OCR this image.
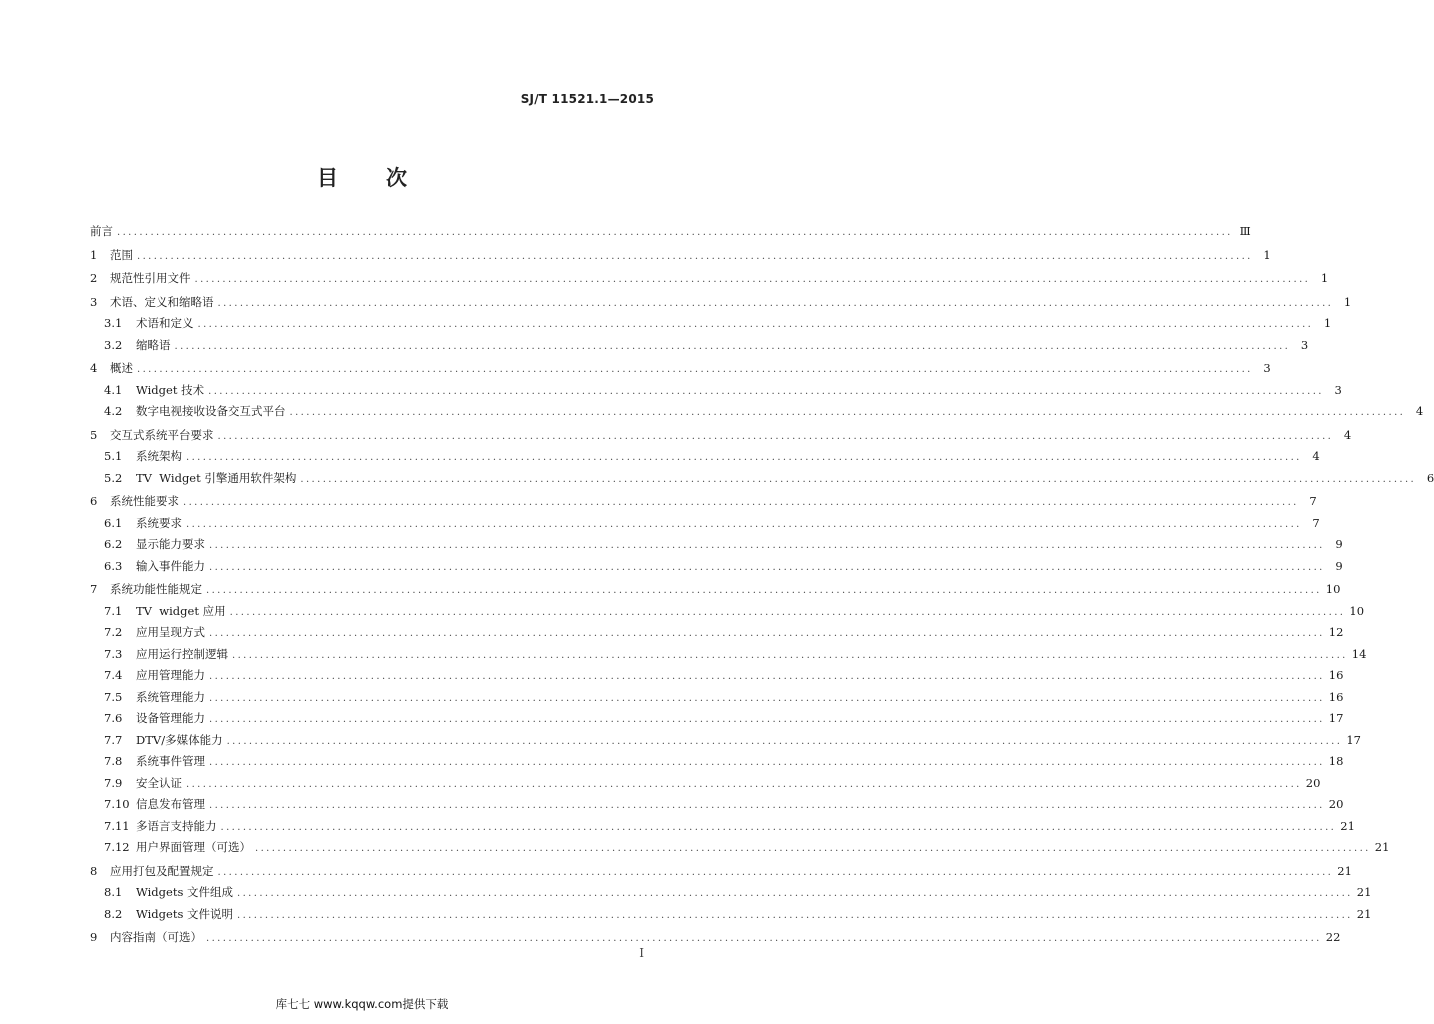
SJ/T 11521.1—2015
目 次
前言 ........................................................................................................................................................................................................ Ⅲ
1	范围 ........................................................................................................................................................................................................ 1
2	规范性引用文件 ........................................................................................................................................................................................................ 1
3	术语、定义和缩略语 ........................................................................................................................................................................................................ 1
3.1	术语和定义 ........................................................................................................................................................................................................ 1
3.2	缩略语 ........................................................................................................................................................................................................ 3
4	概述 ........................................................................................................................................................................................................ 3
4.1	Widget 技术 ........................................................................................................................................................................................................ 3
4.2	数字电视接收设备交互式平台 ........................................................................................................................................................................................................ 4
5	交互式系统平台要求 ........................................................................................................................................................................................................ 4
5.1	系统架构 ........................................................................................................................................................................................................ 4
5.2	TV  Widget 引擎通用软件架构 ........................................................................................................................................................................................................ 6
6	系统性能要求 ........................................................................................................................................................................................................ 7
6.1	系统要求 ........................................................................................................................................................................................................ 7
6.2	显示能力要求 ........................................................................................................................................................................................................ 9
6.3	输入事件能力 ........................................................................................................................................................................................................ 9
7	系统功能性能规定 ........................................................................................................................................................................................................ 10
7.1	TV  widget 应用 ........................................................................................................................................................................................................ 10
7.2	应用呈现方式 ........................................................................................................................................................................................................ 12
7.3	应用运行控制逻辑 ........................................................................................................................................................................................................ 14
7.4	应用管理能力 ........................................................................................................................................................................................................ 16
7.5	系统管理能力 ........................................................................................................................................................................................................ 16
7.6	设备管理能力 ........................................................................................................................................................................................................ 17
7.7	DTV/多媒体能力 ........................................................................................................................................................................................................ 17
7.8	系统事件管理 ........................................................................................................................................................................................................ 18
7.9	安全认证 ........................................................................................................................................................................................................ 20
7.10 信息发布管理 ........................................................................................................................................................................................................ 20
7.11 多语言支持能力 ........................................................................................................................................................................................................ 21
7.12 用户界面管理（可选） ........................................................................................................................................................................................................ 21
8	应用打包及配置规定 ........................................................................................................................................................................................................ 21
8.1	Widgets 文件组成 ........................................................................................................................................................................................................ 21
8.2	Widgets 文件说明 ........................................................................................................................................................................................................ 21
9	内容指南（可选） ........................................................................................................................................................................................................ 22
Ⅰ
库七七 www.kqqw.com提供下载
